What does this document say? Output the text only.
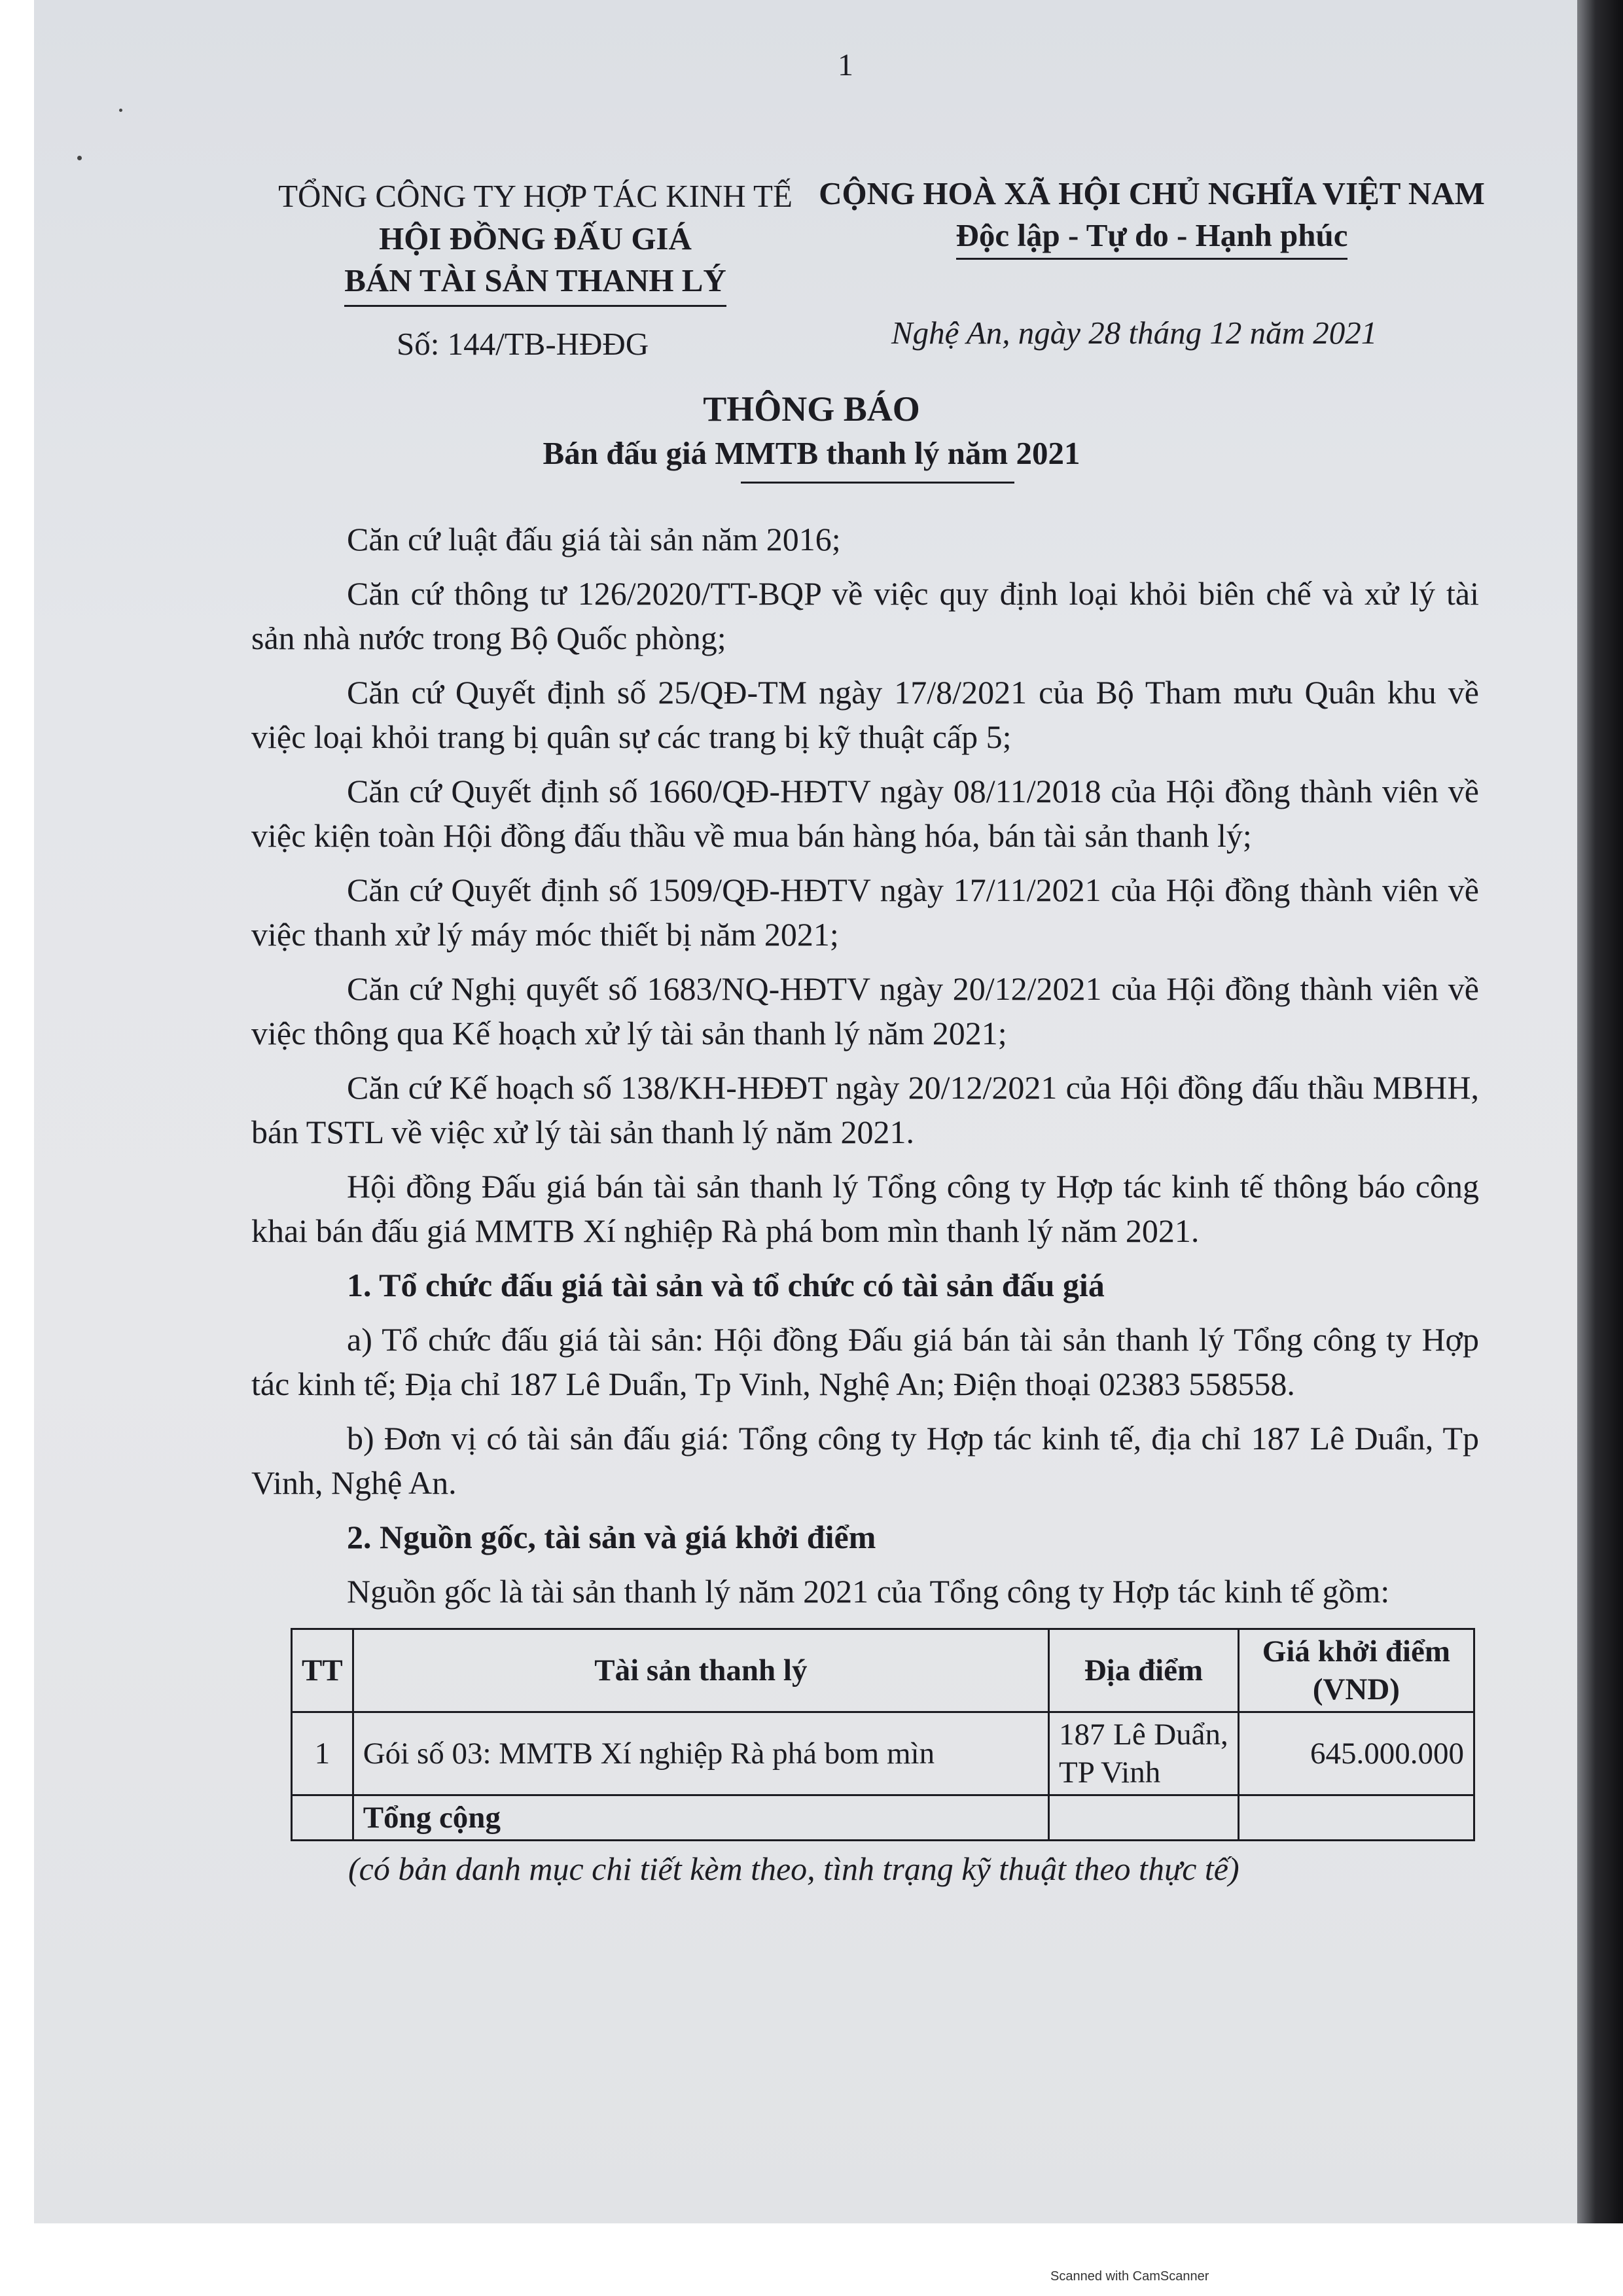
1
TỔNG CÔNG TY HỢP TÁC KINH TẾ
HỘI ĐỒNG ĐẤU GIÁ
BÁN TÀI SẢN THANH LÝ
CỘNG HOÀ XÃ HỘI CHỦ NGHĨA VIỆT NAM
Độc lập - Tự do - Hạnh phúc
Số: 144/TB-HĐĐG	Nghệ An, ngày 28 tháng 12 năm 2021
THÔNG BÁO
Bán đấu giá MMTB thanh lý năm 2021

Căn cứ luật đấu giá tài sản năm 2016;

Căn cứ thông tư 126/2020/TT-BQP về việc quy định loại khỏi biên chế và xử lý tài sản nhà nước trong Bộ Quốc phòng;

Căn cứ Quyết định số 25/QĐ-TM ngày 17/8/2021 của Bộ Tham mưu Quân khu về việc loại khỏi trang bị quân sự các trang bị kỹ thuật cấp 5;

Căn cứ Quyết định số 1660/QĐ-HĐTV ngày 08/11/2018 của Hội đồng thành viên về việc kiện toàn Hội đồng đấu thầu về mua bán hàng hóa, bán tài sản thanh lý;

Căn cứ Quyết định số 1509/QĐ-HĐTV ngày 17/11/2021 của Hội đồng thành viên về việc thanh xử lý máy móc thiết bị năm 2021;

Căn cứ Nghị quyết số 1683/NQ-HĐTV ngày 20/12/2021 của Hội đồng thành viên về việc thông qua Kế hoạch xử lý tài sản thanh lý năm 2021;

Căn cứ Kế hoạch số 138/KH-HĐĐT ngày 20/12/2021 của Hội đồng đấu thầu MBHH, bán TSTL về việc xử lý tài sản thanh lý năm 2021.

Hội đồng Đấu giá bán tài sản thanh lý Tổng công ty Hợp tác kinh tế thông báo công khai bán đấu giá MMTB Xí nghiệp Rà phá bom mìn thanh lý năm 2021.

1. Tổ chức đấu giá tài sản và tổ chức có tài sản đấu giá

a) Tổ chức đấu giá tài sản: Hội đồng Đấu giá bán tài sản thanh lý Tổng công ty Hợp tác kinh tế; Địa chỉ 187 Lê Duẩn, Tp Vinh, Nghệ An; Điện thoại 02383 558558.

b) Đơn vị có tài sản đấu giá: Tổng công ty Hợp tác kinh tế, địa chỉ 187 Lê Duẩn, Tp Vinh, Nghệ An.

2. Nguồn gốc, tài sản và giá khởi điểm

Nguồn gốc là tài sản thanh lý năm 2021 của Tổng công ty Hợp tác kinh tế gồm:

TT	Tài sản thanh lý	Địa điểm	Giá khởi điểm (VND)
1	Gói số 03: MMTB Xí nghiệp Rà phá bom mìn	187 Lê Duẩn, TP Vinh	645.000.000
	Tổng cộng		

(có bản danh mục chi tiết kèm theo, tình trạng kỹ thuật theo thực tế)

Scanned with CamScanner
